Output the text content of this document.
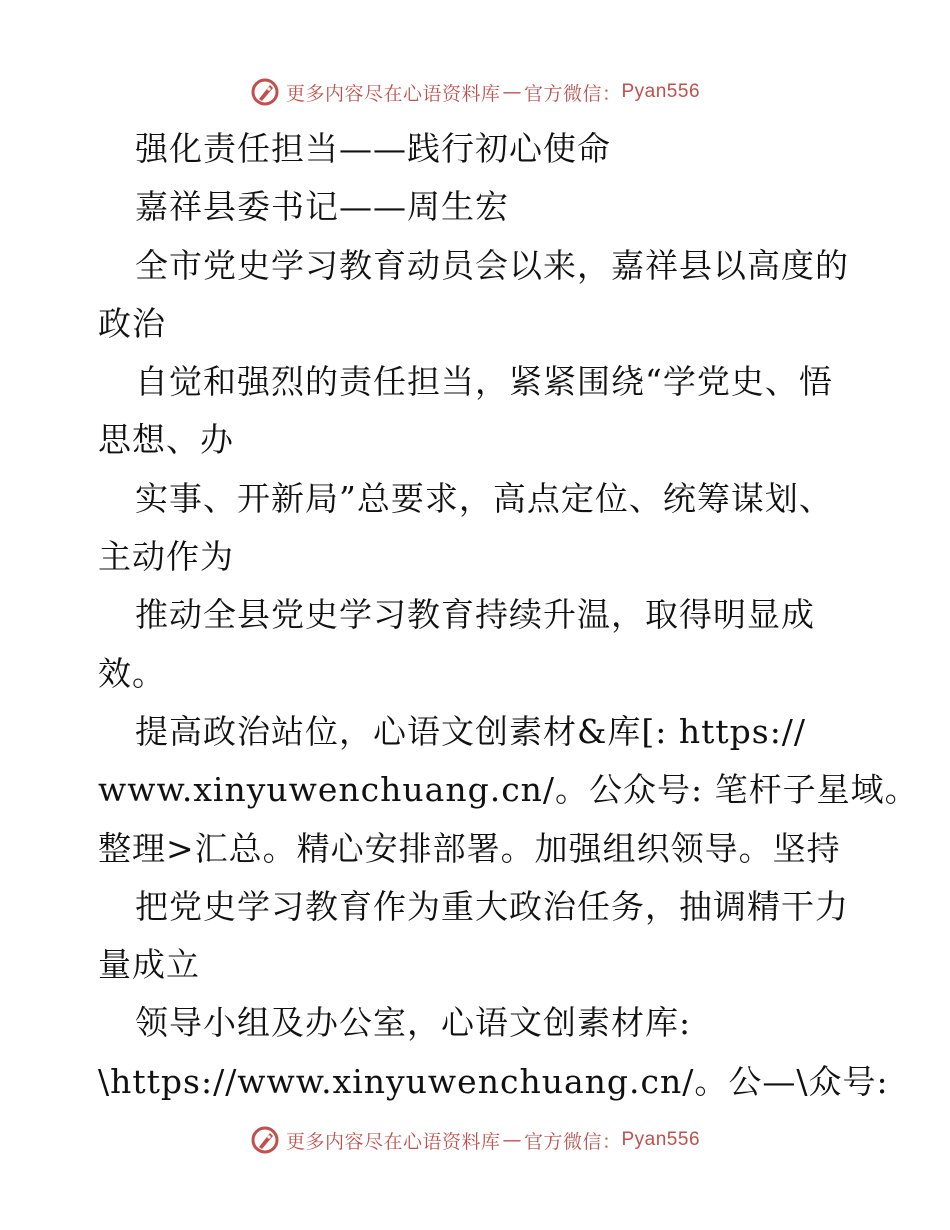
更多内容尽在心语资料库 — 官方微信： Pyan556
强化责任担当——践行初心使命
嘉祥县委书记——周生宏
全市党史学习教育动员会以来，嘉祥县以高度的
政治
自觉和强烈的责任担当，紧紧围绕“学党史、悟
思想、办
实事、开新局”总要求，高点定位、统筹谋划、
主动作为
推动全县党史学习教育持续升温，取得明显成
效。
提高政治站位，心语文创素材&库[: https://
www.xinyuwenchuang.cn/。公众号: 笔杆子星域。
整理>汇总。精心安排部署。加强组织领导。坚持
把党史学习教育作为重大政治任务，抽调精干力
量成立
领导小组及办公室，心语文创素材库:
\https://www.xinyuwenchuang.cn/。公—\众号:
更多内容尽在心语资料库 — 官方微信： Pyan556
